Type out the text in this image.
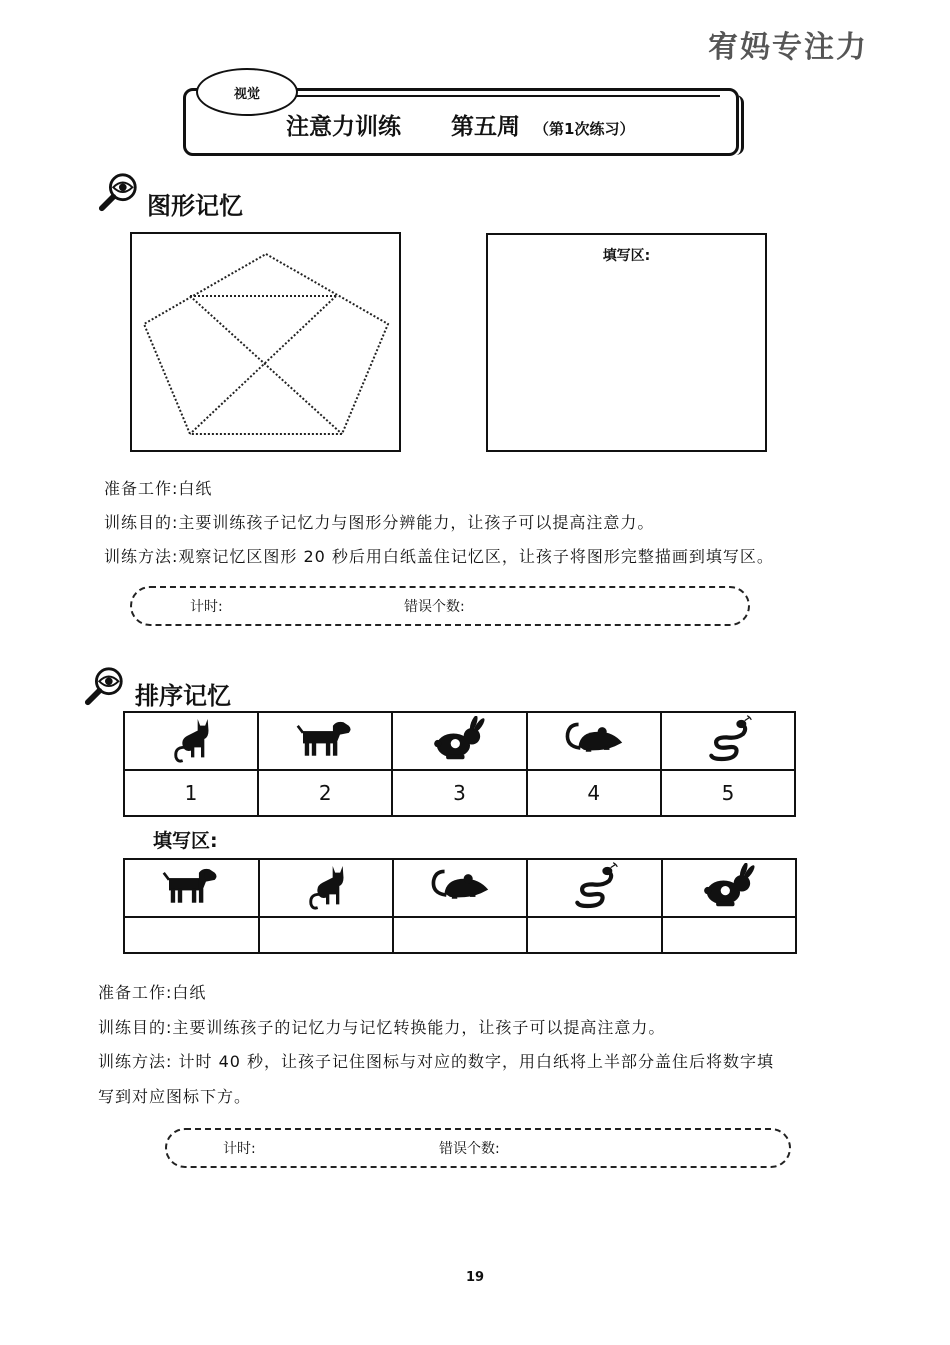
宥妈专注力
视觉
注意力训练 第五周 （第1次练习）
图形记忆
填写区:
准备工作:白纸
训练目的:主要训练孩子记忆力与图形分辨能力，让孩子可以提高注意力。
训练方法:观察记忆区图形 20 秒后用白纸盖住记忆区，让孩子将图形完整描画到填写区。
计时:	错误个数:
排序记忆

1	2	3	4	5
填写区:

准备工作:白纸
训练目的:主要训练孩子的记忆力与记忆转换能力，让孩子可以提高注意力。
训练方法: 计时 40 秒，让孩子记住图标与对应的数字，用白纸将上半部分盖住后将数字填
写到对应图标下方。
计时:	错误个数:
19
